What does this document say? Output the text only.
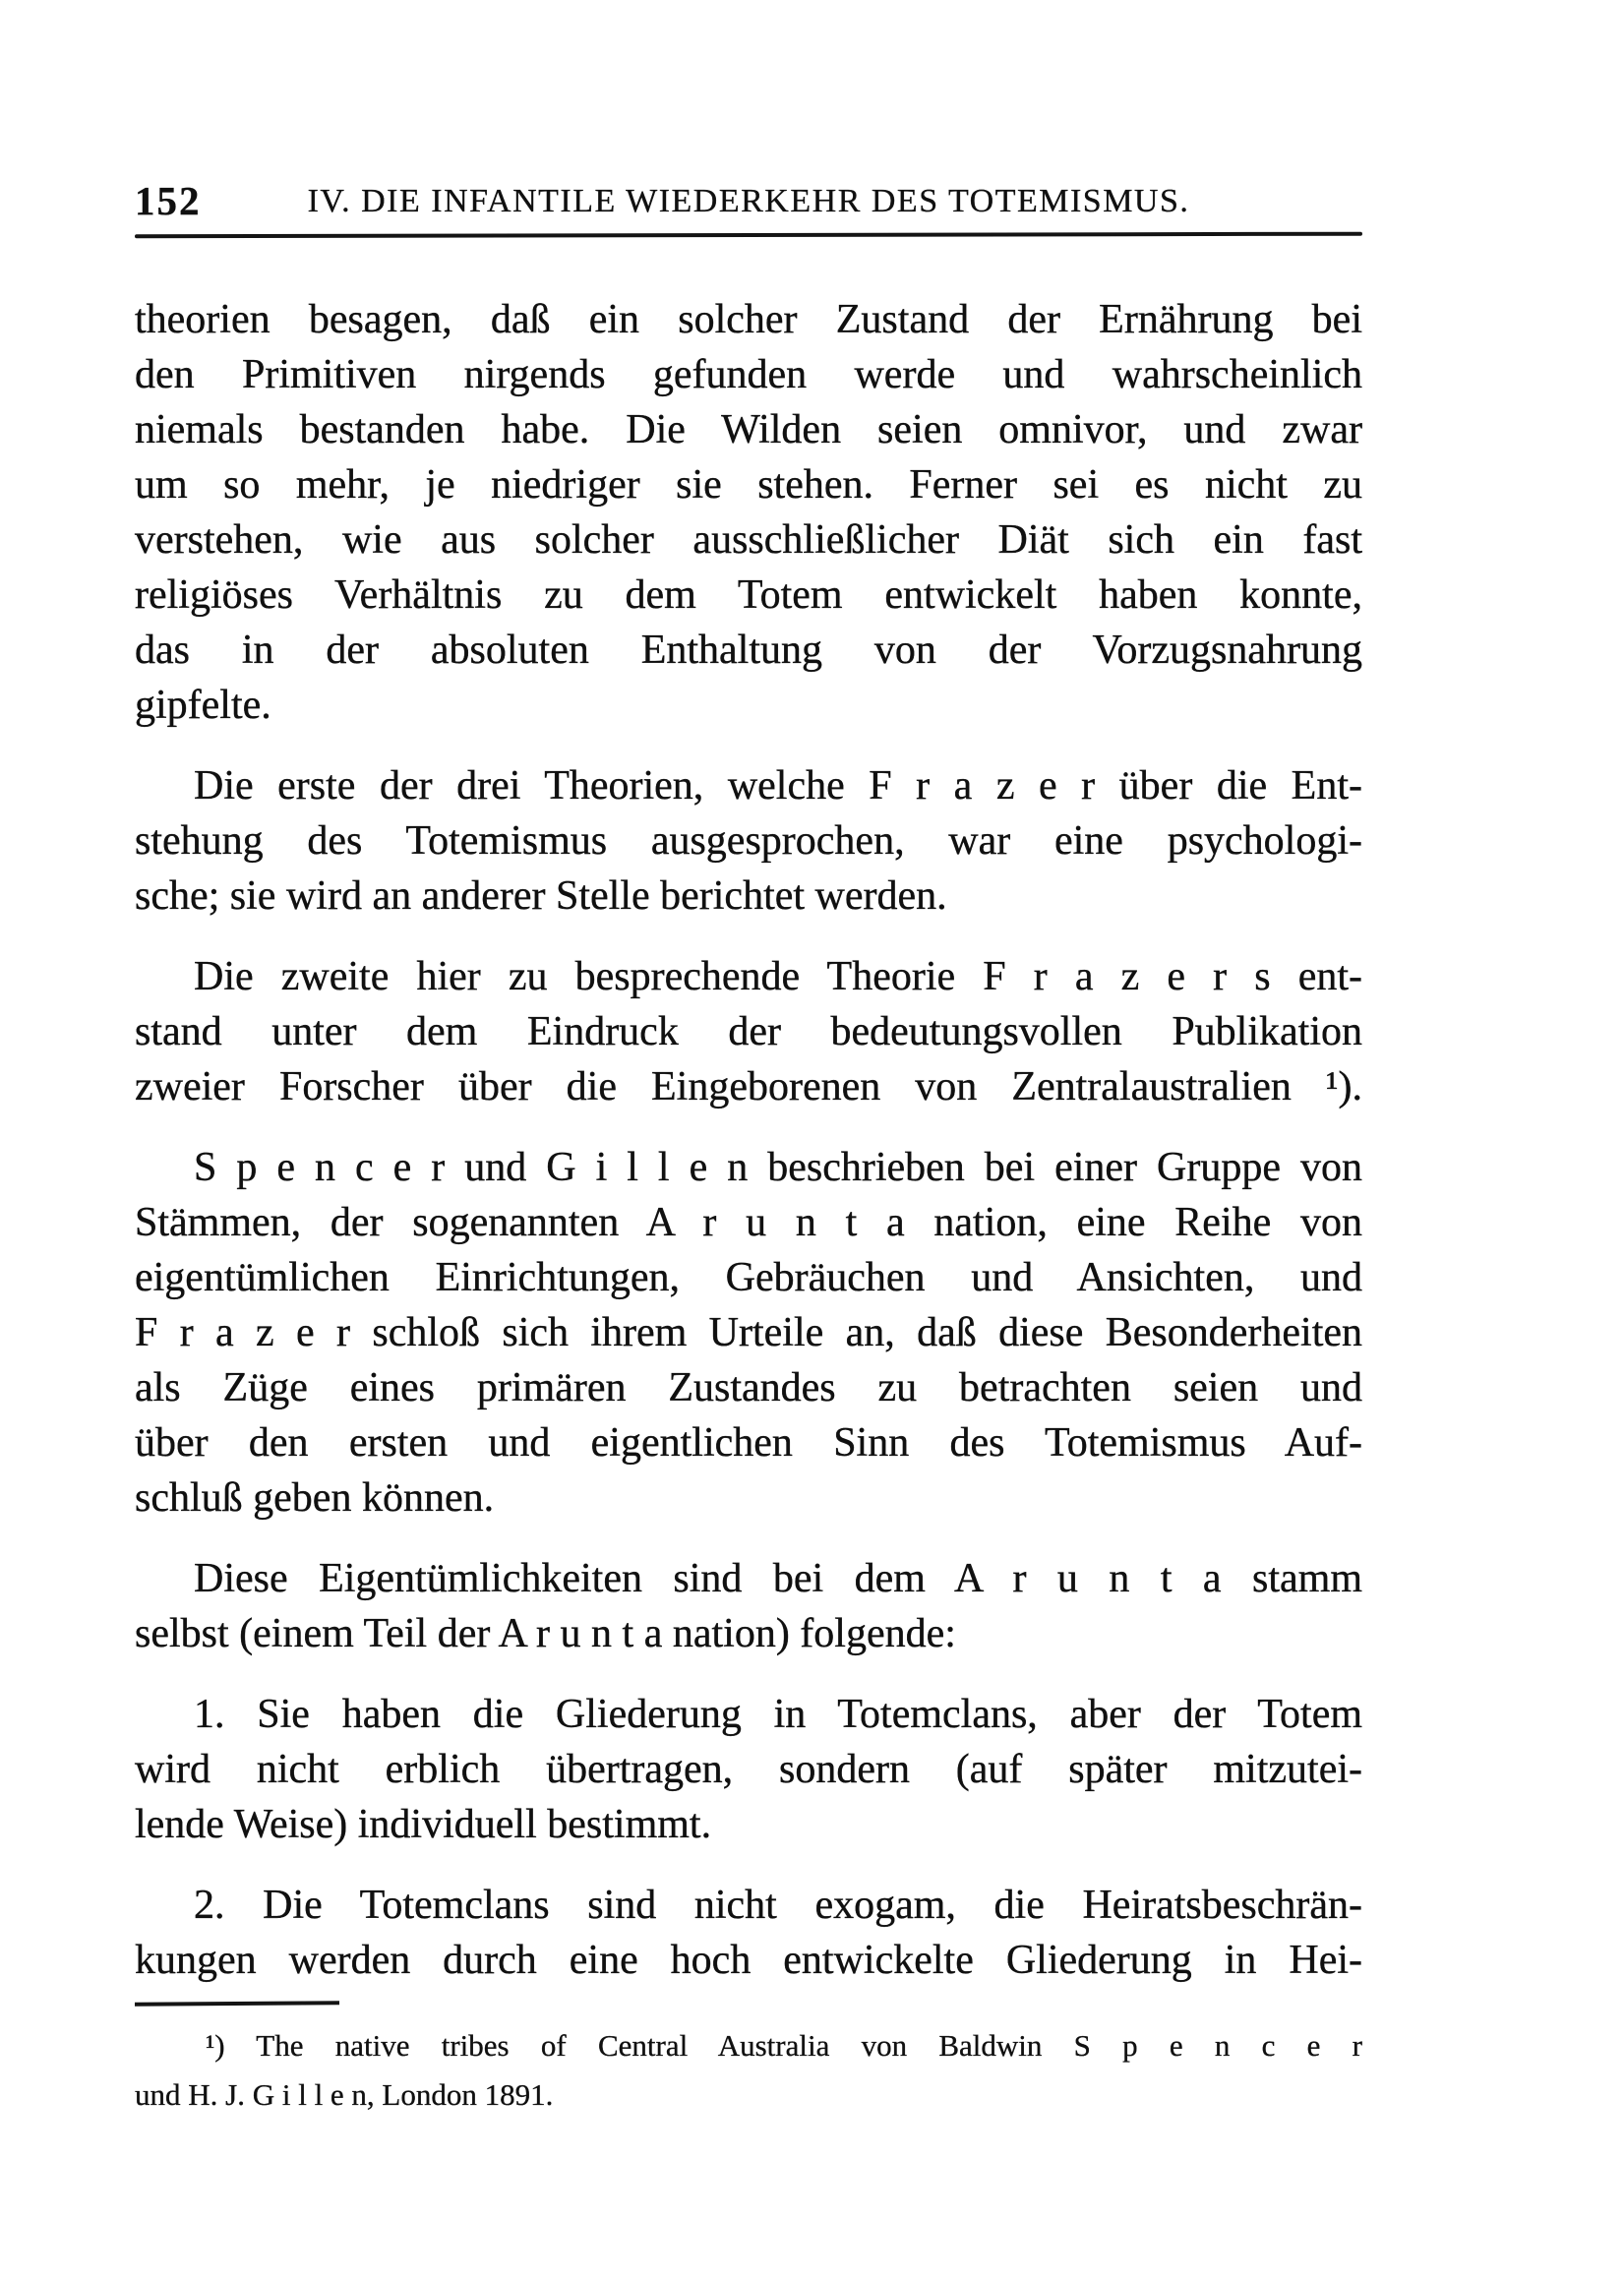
152	IV. DIE INFANTILE WIEDERKEHR DES TOTEMISMUS.
theorien besagen, daß ein solcher Zustand der Ernährung bei
den Primitiven nirgends gefunden werde und wahrscheinlich
niemals bestanden habe. Die Wilden seien omnivor, und zwar
um so mehr, je niedriger sie stehen. Ferner sei es nicht zu
verstehen, wie aus solcher ausschließlicher Diät sich ein fast
religiöses Verhältnis zu dem Totem entwickelt haben konnte,
das in der absoluten Enthaltung von der Vorzugsnahrung
gipfelte.
Die erste der drei Theorien, welche F r a z e r über die Ent-
stehung des Totemismus ausgesprochen, war eine psychologi-
sche; sie wird an anderer Stelle berichtet werden.
Die zweite hier zu besprechende Theorie F r a z e r s ent-
stand unter dem Eindruck der bedeutungsvollen Publikation
zweier Forscher über die Eingeborenen von Zentralaustralien ¹).
S p e n c e r und G i l l e n beschrieben bei einer Gruppe von
Stämmen, der sogenannten A r u n t a nation, eine Reihe von
eigentümlichen Einrichtungen, Gebräuchen und Ansichten, und
F r a z e r schloß sich ihrem Urteile an, daß diese Besonderheiten
als Züge eines primären Zustandes zu betrachten seien und
über den ersten und eigentlichen Sinn des Totemismus Auf-
schluß geben können.
Diese Eigentümlichkeiten sind bei dem A r u n t a stamm
selbst (einem Teil der A r u n t a nation) folgende:
1. Sie haben die Gliederung in Totemclans, aber der Totem
wird nicht erblich übertragen, sondern (auf später mitzutei-
lende Weise) individuell bestimmt.
2. Die Totemclans sind nicht exogam, die Heiratsbeschrän-
kungen werden durch eine hoch entwickelte Gliederung in Hei-
¹) The native tribes of Central Australia von Baldwin S p e n c e r
und H. J. G i l l e n, London 1891.
